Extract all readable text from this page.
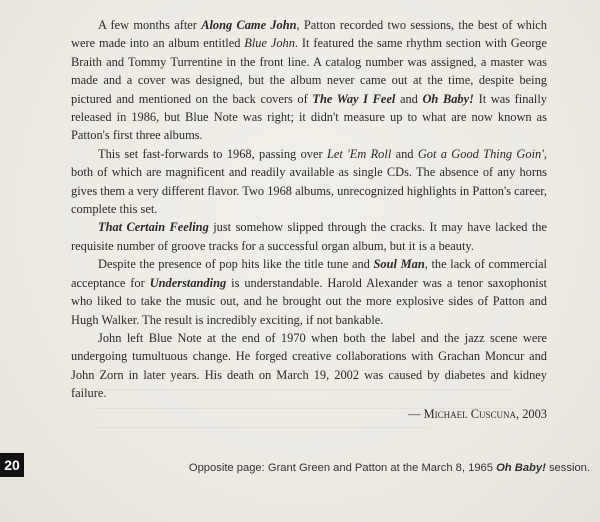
A few months after Along Came John, Patton recorded two sessions, the best of which were made into an album entitled Blue John. It featured the same rhythm section with George Braith and Tommy Turrentine in the front line. A catalog number was assigned, a master was made and a cover was designed, but the album never came out at the time, despite being pictured and mentioned on the back covers of The Way I Feel and Oh Baby! It was finally released in 1986, but Blue Note was right; it didn't measure up to what are now known as Patton's first three albums.

This set fast-forwards to 1968, passing over Let 'Em Roll and Got a Good Thing Goin', both of which are magnificent and readily available as single CDs. The absence of any horns gives them a very different flavor. Two 1968 albums, unrecognized highlights in Patton's career, complete this set.

That Certain Feeling just somehow slipped through the cracks. It may have lacked the requisite number of groove tracks for a successful organ album, but it is a beauty.

Despite the presence of pop hits like the title tune and Soul Man, the lack of commercial acceptance for Understanding is understandable. Harold Alexander was a tenor saxophonist who liked to take the music out, and he brought out the more explosive sides of Patton and Hugh Walker. The result is incredibly exciting, if not bankable.

John left Blue Note at the end of 1970 when both the label and the jazz scene were undergoing tumultuous change. He forged creative collaborations with Grachan Moncur and John Zorn in later years. His death on March 19, 2002 was caused by diabetes and kidney failure.

— Michael Cuscuna, 2003
20	Opposite page: Grant Green and Patton at the March 8, 1965 Oh Baby! session.
